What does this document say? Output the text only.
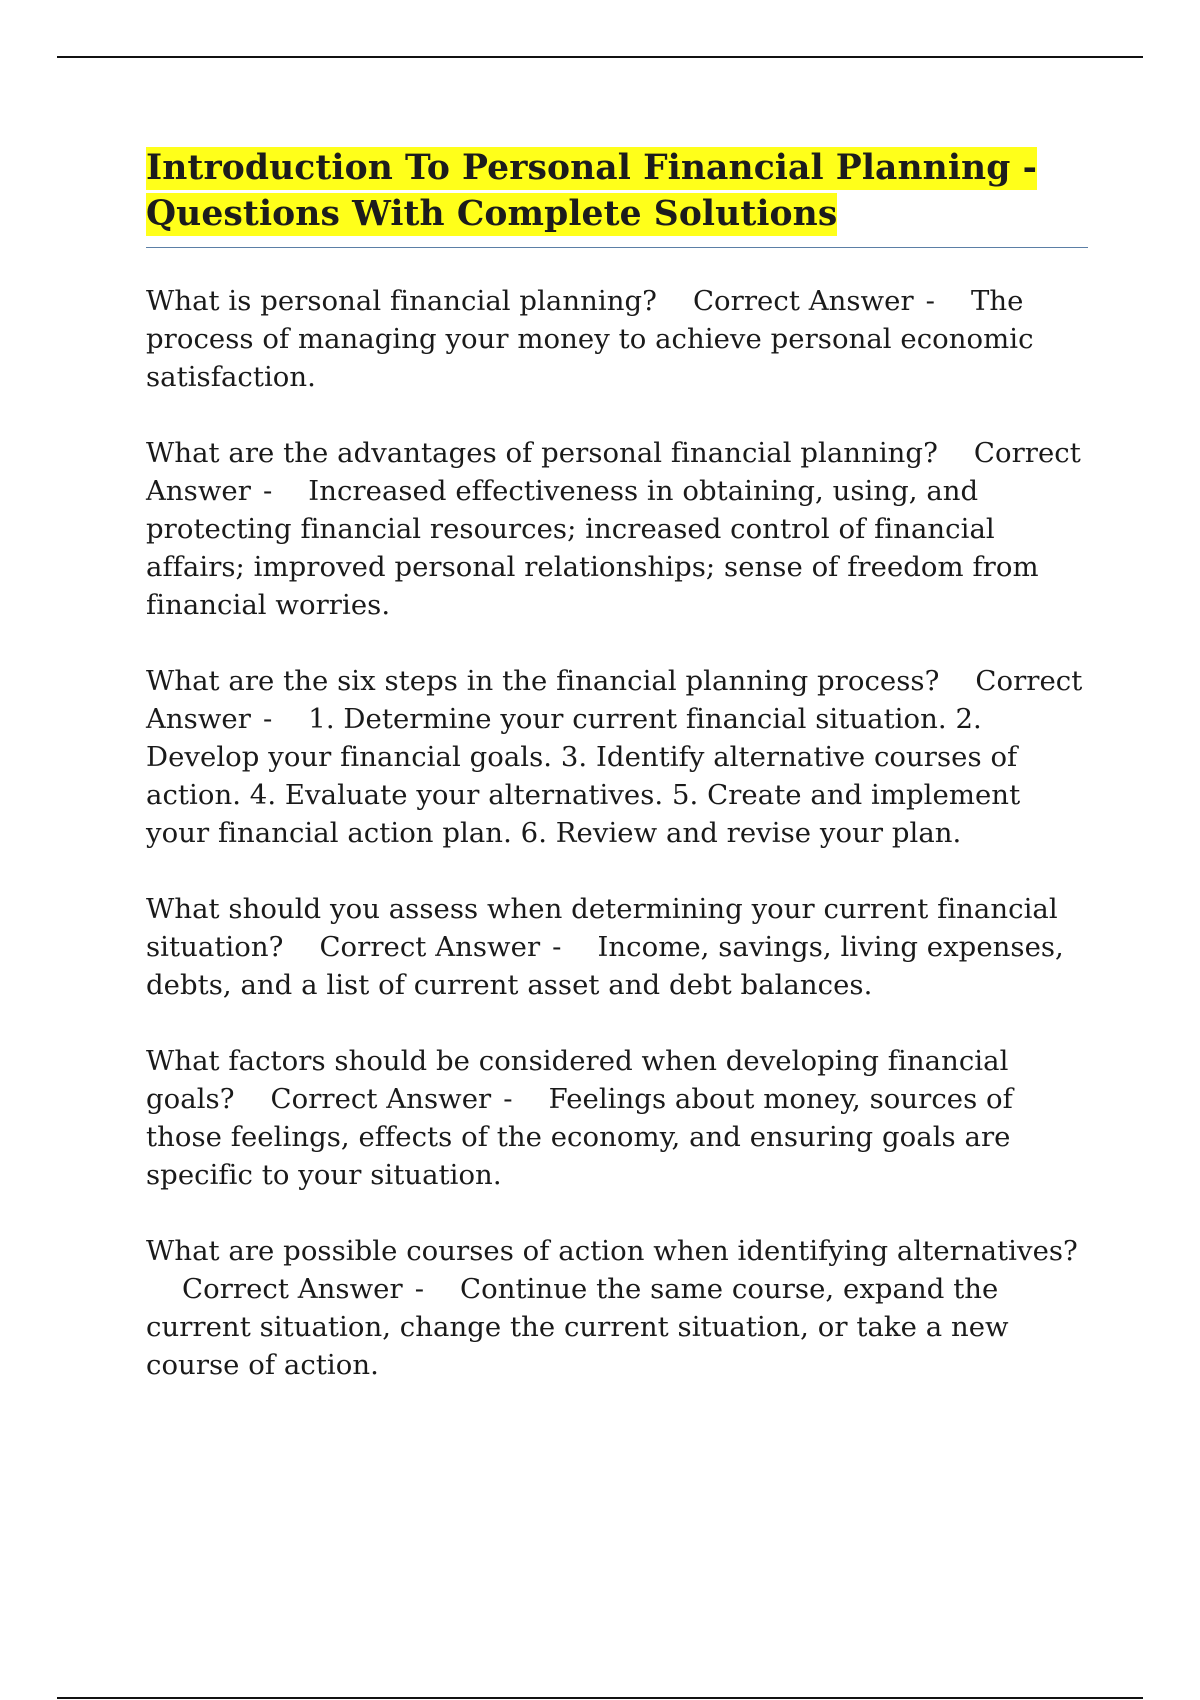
Introduction To Personal Financial Planning - Questions With Complete Solutions

What is personal financial planning? Correct Answer - The process of managing your money to achieve personal economic satisfaction.

What are the advantages of personal financial planning? Correct Answer - Increased effectiveness in obtaining, using, and protecting financial resources; increased control of financial affairs; improved personal relationships; sense of freedom from financial worries.

What are the six steps in the financial planning process? Correct Answer - 1. Determine your current financial situation. 2. Develop your financial goals. 3. Identify alternative courses of action. 4. Evaluate your alternatives. 5. Create and implement your financial action plan. 6. Review and revise your plan.

What should you assess when determining your current financial situation? Correct Answer - Income, savings, living expenses, debts, and a list of current asset and debt balances.

What factors should be considered when developing financial goals? Correct Answer - Feelings about money, sources of those feelings, effects of the economy, and ensuring goals are specific to your situation.

What are possible courses of action when identifying alternatives?Correct Answer - Continue the same course, expand the current situation, change the current situation, or take a new course of action.
